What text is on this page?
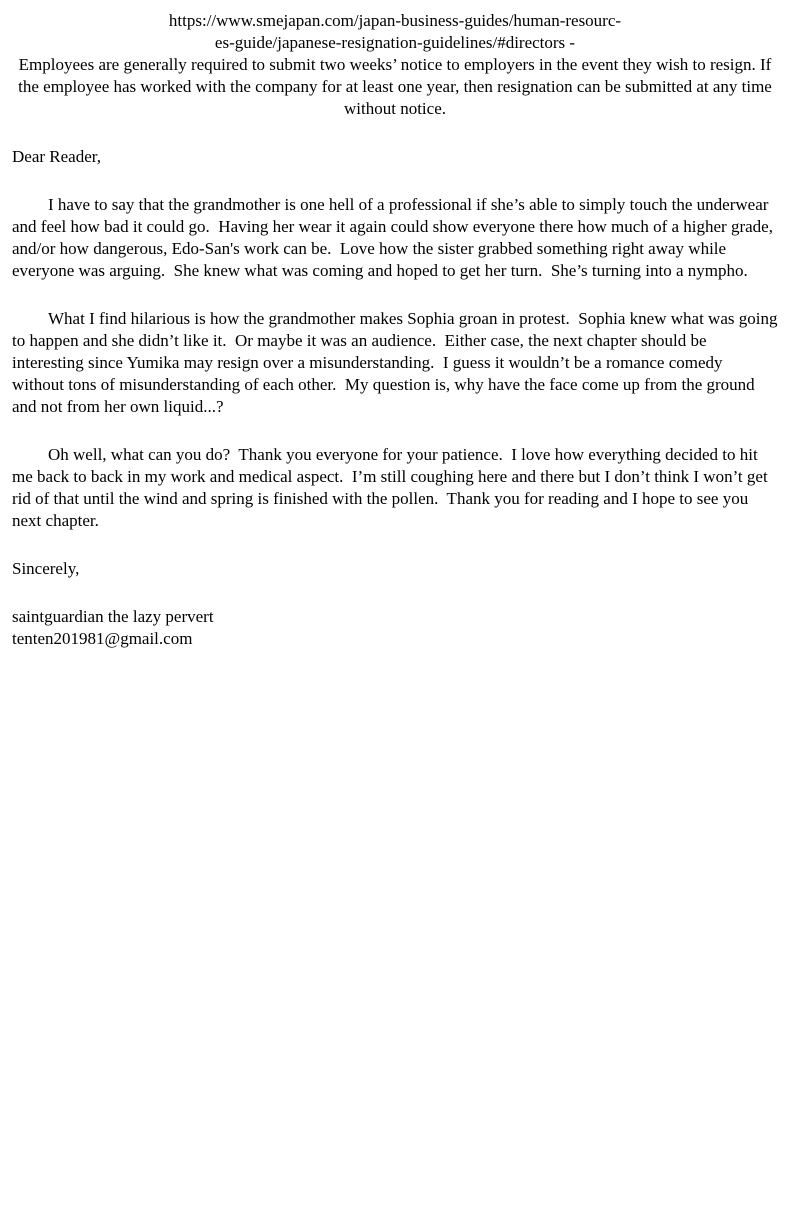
https://www.smejapan.com/japan-business-guides/human-resourc-
es-guide/japanese-resignation-guidelines/#directors -
Employees are generally required to submit two weeks’ notice to employers in the event they wish to resign. If the employee has worked with the company for at least one year, then resignation can be submitted at any time without notice.
Dear Reader,
I have to say that the grandmother is one hell of a professional if she’s able to simply touch the underwear and feel how bad it could go.  Having her wear it again could show everyone there how much of a higher grade, and/or how dangerous, Edo-San's work can be.  Love how the sister grabbed something right away while everyone was arguing.  She knew what was coming and hoped to get her turn.  She’s turning into a nympho.
What I find hilarious is how the grandmother makes Sophia groan in protest.  Sophia knew what was going to happen and she didn’t like it.  Or maybe it was an audience.  Either case, the next chapter should be interesting since Yumika may resign over a misunderstanding.  I guess it wouldn’t be a romance comedy without tons of misunderstanding of each other.  My question is, why have the face come up from the ground and not from her own liquid...?
Oh well, what can you do?  Thank you everyone for your patience.  I love how everything decided to hit me back to back in my work and medical aspect.  I’m still coughing here and there but I don’t think I won’t get rid of that until the wind and spring is finished with the pollen.  Thank you for reading and I hope to see you next chapter.
Sincerely,
saintguardian the lazy pervert
tenten201981@gmail.com
